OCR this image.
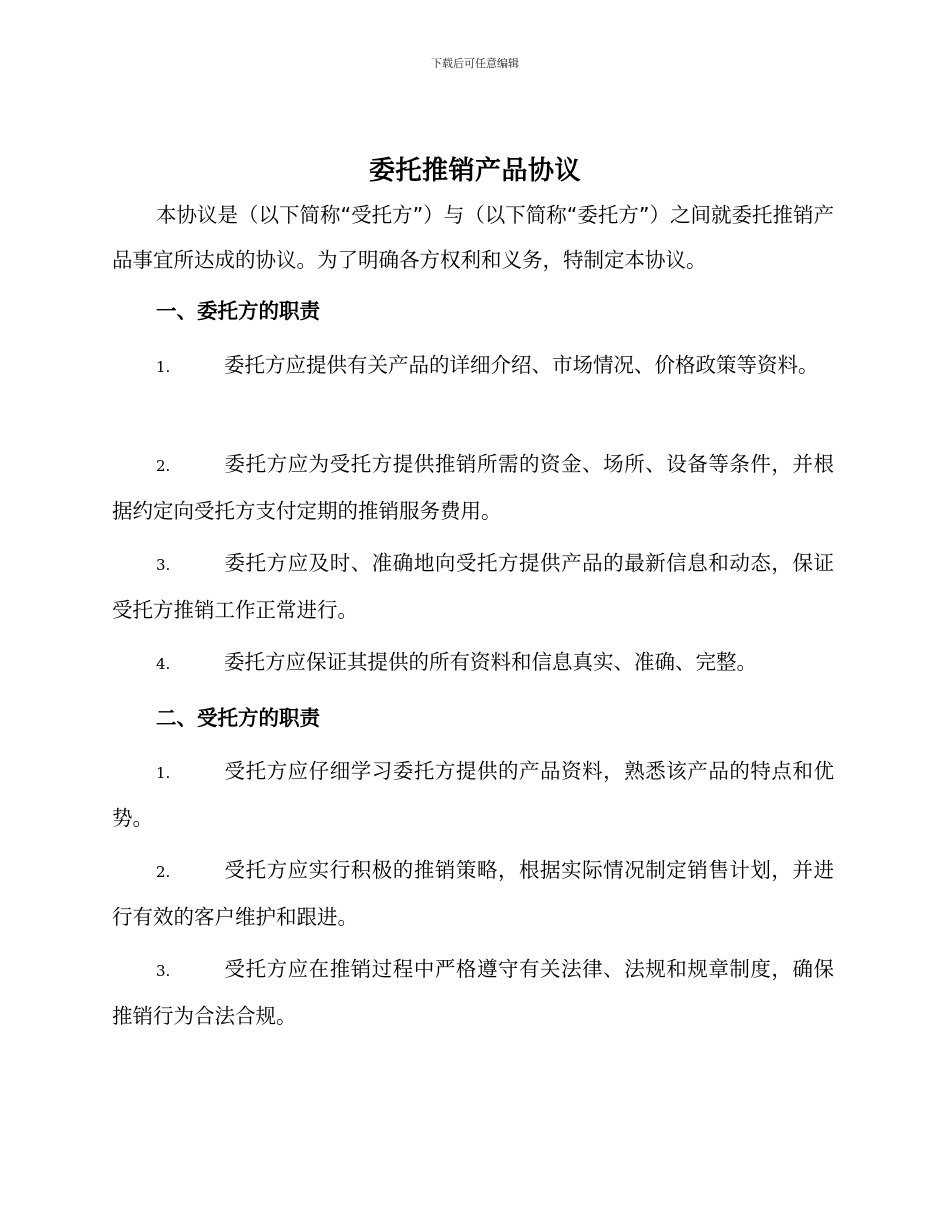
下载后可任意编辑
委托推销产品协议
本协议是（以下简称“受托方”）与（以下简称“委托方”）之间就委托推销产品事宜所达成的协议。为了明确各方权利和义务，特制定本协议。
一、委托方的职责
1.	委托方应提供有关产品的详细介绍、市场情况、价格政策等资料。
2.	委托方应为受托方提供推销所需的资金、场所、设备等条件，并根据约定向受托方支付定期的推销服务费用。
3.	委托方应及时、准确地向受托方提供产品的最新信息和动态，保证受托方推销工作正常进行。
4.	委托方应保证其提供的所有资料和信息真实、准确、完整。
二、受托方的职责
1.	受托方应仔细学习委托方提供的产品资料，熟悉该产品的特点和优势。
2.	受托方应实行积极的推销策略，根据实际情况制定销售计划，并进行有效的客户维护和跟进。
3.	受托方应在推销过程中严格遵守有关法律、法规和规章制度，确保推销行为合法合规。
